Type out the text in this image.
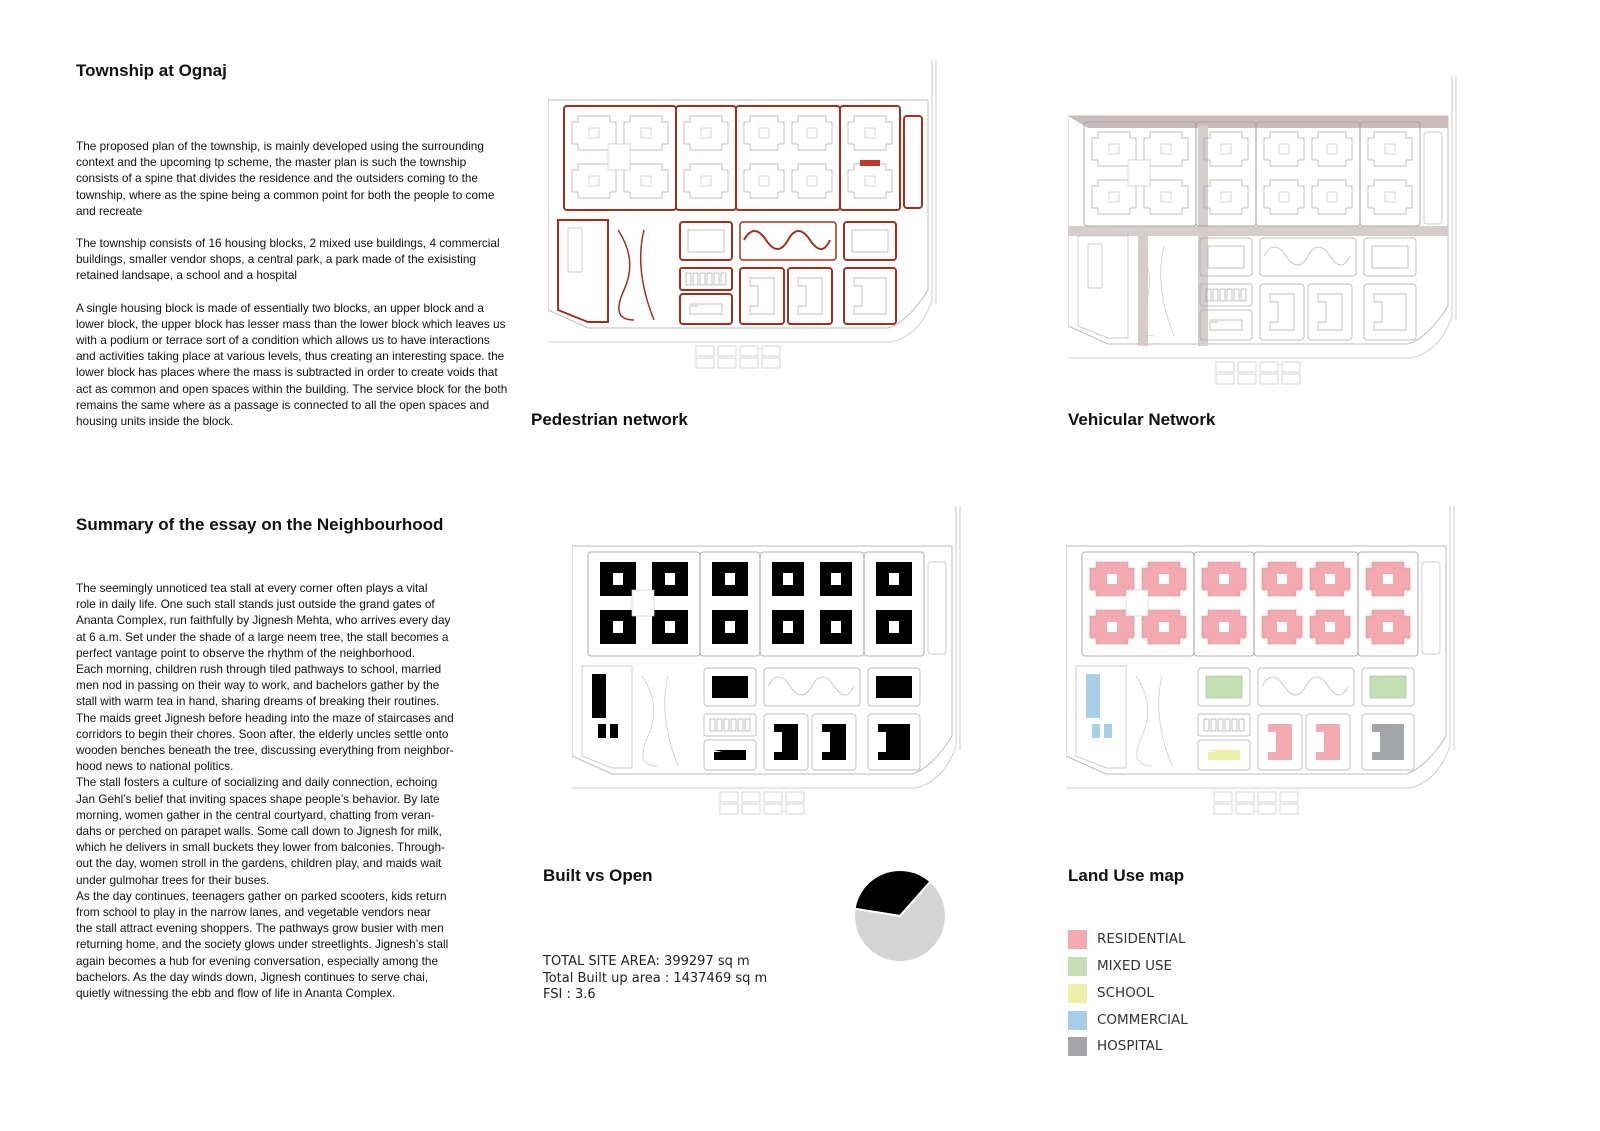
Township at Ognaj

The proposed plan of the township, is mainly developed using the surrounding context and the upcoming tp scheme, the master plan is such the township consists of a spine that divides the residence and the outsiders coming to the township, where as the spine being a common point for both the people to come and recreate

The township consists of 16 housing blocks, 2 mixed use buildings, 4 commercial buildings, smaller vendor shops, a central park, a park made of the exisisting retained landsape, a school and a hospital

A single housing block is made of essentially two blocks, an upper block and a lower block, the upper block has lesser mass than the lower block which leaves us with a podium or terrace sort of a condition which allows us to have interactions and activities taking place at various levels, thus creating an interesting space. the lower block has places where the mass is subtracted in order to create voids that act as common and open spaces within the building. The service block for the both remains the same where as a passage is connected to all the open spaces and housing units inside the block.

Summary of the essay on the Neighbourhood
The seemingly unnoticed tea stall at every corner often plays a vital
role in daily life. One such stall stands just outside the grand gates of
Ananta Complex, run faithfully by Jignesh Mehta, who arrives every day
at 6 a.m. Set under the shade of a large neem tree, the stall becomes a
perfect vantage point to observe the rhythm of the neighborhood.
Each morning, children rush through tiled pathways to school, married
men nod in passing on their way to work, and bachelors gather by the
stall with warm tea in hand, sharing dreams of breaking their routines.
The maids greet Jignesh before heading into the maze of staircases and
corridors to begin their chores. Soon after, the elderly uncles settle onto
wooden benches beneath the tree, discussing everything from neighbor-
hood news to national politics.
The stall fosters a culture of socializing and daily connection, echoing
Jan Gehl’s belief that inviting spaces shape people’s behavior. By late
morning, women gather in the central courtyard, chatting from veran-
dahs or perched on parapet walls. Some call down to Jignesh for milk,
which he delivers in small buckets they lower from balconies. Through-
out the day, women stroll in the gardens, children play, and maids wait
under gulmohar trees for their buses.
As the day continues, teenagers gather on parked scooters, kids return
from school to play in the narrow lanes, and vegetable vendors near
the stall attract evening shoppers. The pathways grow busier with men
returning home, and the society glows under streetlights. Jignesh’s stall
again becomes a hub for evening conversation, especially among the
bachelors. As the day winds down, Jignesh continues to serve chai,
quietly witnessing the ebb and flow of life in Ananta Complex.
Pedestrian network	Vehicular Network
Built vs Open	Land Use map
TOTAL SITE AREA: 399297 sq m
Total Built up area : 1437469 sq m
FSI : 3.6
RESIDENTIAL
MIXED USE
SCHOOL
COMMERCIAL
HOSPITAL
